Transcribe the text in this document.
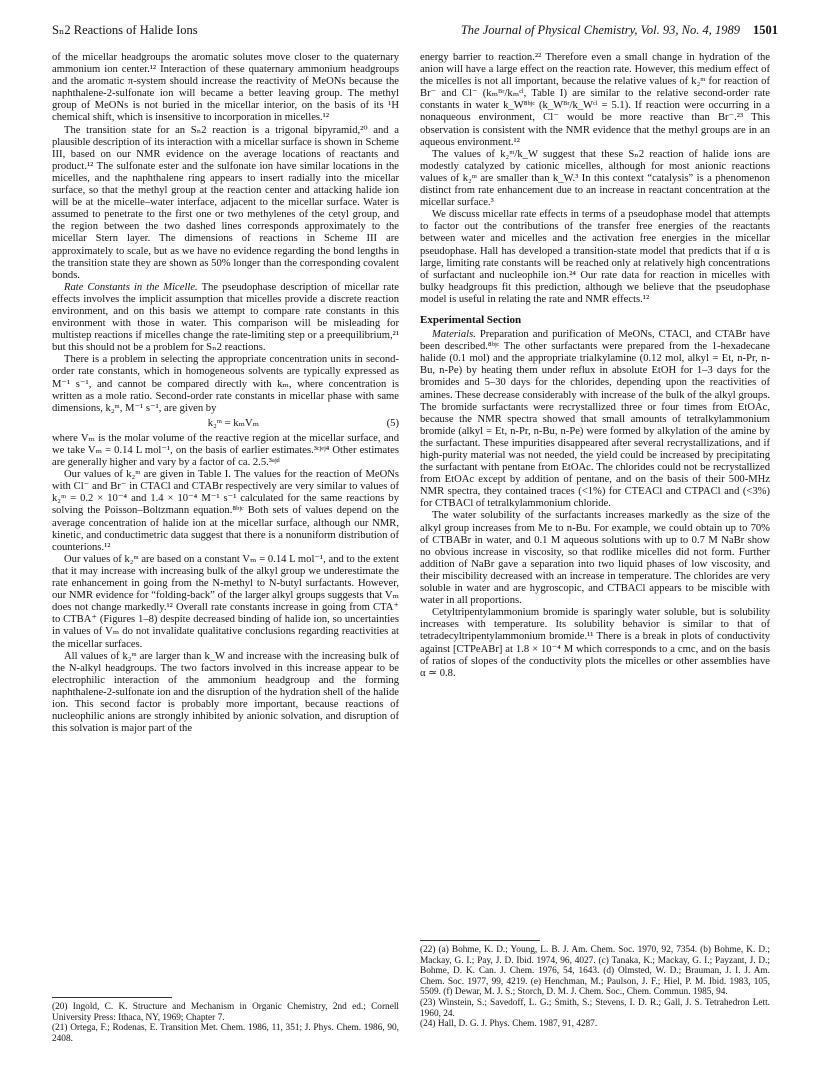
Sₙ2 Reactions of Halide Ions	The Journal of Physical Chemistry, Vol. 93, No. 4, 1989 1501

of the micellar headgroups the aromatic solutes move closer to the quaternary ammonium ion center.¹² Interaction of these quaternary ammonium headgroups and the aromatic π-system should increase the reactivity of MeONs because the naphthalene-2-sulfonate ion will became a better leaving group. The methyl group of MeONs is not buried in the micellar interior, on the basis of its ¹H chemical shift, which is insensitive to incorporation in micelles.¹²

The transition state for an Sₙ2 reaction is a trigonal bipyramid,²⁰ and a plausible description of its interaction with a micellar surface is shown in Scheme III, based on our NMR evidence on the average locations of reactants and product.¹² The sulfonate ester and the sulfonate ion have similar locations in the micelles, and the naphthalene ring appears to insert radially into the micellar surface, so that the methyl group at the reaction center and attacking halide ion will be at the micelle–water interface, adjacent to the micellar surface. Water is assumed to penetrate to the first one or two methylenes of the cetyl group, and the region between the two dashed lines corresponds approximately to the micellar Stern layer. The dimensions of reactions in Scheme III are approximately to scale, but as we have no evidence regarding the bond lengths in the transition state they are shown as 50% longer than the corresponding covalent bonds.

Rate Constants in the Micelle. The pseudophase description of micellar rate effects involves the implicit assumption that micelles provide a discrete reaction environment, and on this basis we attempt to compare rate constants in this environment with those in water. This comparison will be misleading for multistep reactions if micelles change the rate-limiting step or a preequilibrium,²¹ but this should not be a problem for Sₙ2 reactions.

There is a problem in selecting the appropriate concentration units in second-order rate constants, which in homogeneous solvents are typically expressed as M⁻¹ s⁻¹, and cannot be compared directly with kₘ, where concentration is written as a mole ratio. Second-order rate constants in micellar phase with same dimensions, k₂ᵐ, M⁻¹ s⁻¹, are given by

k₂ᵐ = kₘVₘ	(5)

where Vₘ is the molar volume of the reactive region at the micellar surface, and we take Vₘ = 0.14 L mol⁻¹, on the basis of earlier estimates.³ᶜʲᵉʲ⁴ Other estimates are generally higher and vary by a factor of ca. 2.5.³ᵃʲᵈ

Our values of k₂ᵐ are given in Table I. The values for the reaction of MeONs with Cl⁻ and Br⁻ in CTACl and CTABr respectively are very similar to values of k₂ᵐ = 0.2 × 10⁻⁴ and 1.4 × 10⁻⁴ M⁻¹ s⁻¹ calculated for the same reactions by solving the Poisson–Boltzmann equation.⁸ᵇʲᶜ Both sets of values depend on the average concentration of halide ion at the micellar surface, although our NMR, kinetic, and conductimetric data suggest that there is a nonuniform distribution of counterions.¹²

Our values of k₂ᵐ are based on a constant Vₘ = 0.14 L mol⁻¹, and to the extent that it may increase with increasing bulk of the alkyl group we underestimate the rate enhancement in going from the N-methyl to N-butyl surfactants. However, our NMR evidence for “folding-back” of the larger alkyl groups suggests that Vₘ does not change markedly.¹² Overall rate constants increase in going from CTA⁺ to CTBA⁺ (Figures 1–8) despite decreased binding of halide ion, so uncertainties in values of Vₘ do not invalidate qualitative conclusions regarding reactivities at the micellar surfaces.

All values of k₂ᵐ are larger than k_W and increase with the increasing bulk of the N-alkyl headgroups. The two factors involved in this increase appear to be electrophilic interaction of the ammonium headgroup and the forming naphthalene-2-sulfonate ion and the disruption of the hydration shell of the halide ion. This second factor is probably more important, because reactions of nucleophilic anions are strongly inhibited by anionic solvation, and disruption of this solvation is major part of the

energy barrier to reaction.²² Therefore even a small change in hydration of the anion will have a large effect on the reaction rate. However, this medium effect of the micelles is not all important, because the relative values of k₂ᵐ for reaction of Br⁻ and Cl⁻ (kₘᴮʳ/kₘᶜˡ, Table I) are similar to the relative second-order rate constants in water k_W⁸ᵇʲᶜ (k_Wᴮʳ/k_Wᶜˡ = 5.1). If reaction were occurring in a nonaqueous environment, Cl⁻ would be more reactive than Br⁻.²³ This observation is consistent with the NMR evidence that the methyl groups are in an aqueous environment.¹²

The values of k₂ᵐ/k_W suggest that these Sₙ2 reaction of halide ions are modestly catalyzed by cationic micelles, although for most anionic reactions values of k₂ᵐ are smaller than k_W.³ In this context “catalysis” is a phenomenon distinct from rate enhancement due to an increase in reactant concentration at the micellar surface.³

We discuss micellar rate effects in terms of a pseudophase model that attempts to factor out the contributions of the transfer free energies of the reactants between water and micelles and the activation free energies in the micellar pseudophase. Hall has developed a transition-state model that predicts that if α is large, limiting rate constants will be reached only at relatively high concentrations of surfactant and nucleophile ion.²⁴ Our rate data for reaction in micelles with bulky headgroups fit this prediction, although we believe that the pseudophase model is useful in relating the rate and NMR effects.¹²

Experimental Section

Materials. Preparation and purification of MeONs, CTACl, and CTABr have been described.⁸ᵇʲᶜ The other surfactants were prepared from the 1-hexadecane halide (0.1 mol) and the appropriate trialkylamine (0.12 mol, alkyl = Et, n-Pr, n-Bu, n-Pe) by heating them under reflux in absolute EtOH for 1–3 days for the bromides and 5–30 days for the chlorides, depending upon the reactivities of amines. These decrease considerably with increase of the bulk of the alkyl groups. The bromide surfactants were recrystallized three or four times from EtOAc, because the NMR spectra showed that small amounts of tetralkylammonium bromide (alkyl = Et, n-Pr, n-Bu, n-Pe) were formed by alkylation of the amine by the surfactant. These impurities disappeared after several recrystallizations, and if high-purity material was not needed, the yield could be increased by precipitating the surfactant with pentane from EtOAc. The chlorides could not be recrystallized from EtOAc except by addition of pentane, and on the basis of their 500-MHz NMR spectra, they contained traces (<1%) for CTEACl and CTPACl and (<3%) for CTBACl of tetralkylammonium chloride.

The water solubility of the surfactants increases markedly as the size of the alkyl group increases from Me to n-Bu. For example, we could obtain up to 70% of CTBABr in water, and 0.1 M aqueous solutions with up to 0.7 M NaBr show no obvious increase in viscosity, so that rodlike micelles did not form. Further addition of NaBr gave a separation into two liquid phases of low viscosity, and their miscibility decreased with an increase in temperature. The chlorides are very soluble in water and are hygroscopic, and CTBACl appears to be miscible with water in all proportions.

Cetyltripentylammonium bromide is sparingly water soluble, but is solubility increases with temperature. Its solubility behavior is similar to that of tetradecyltripentylammonium bromide.¹¹ There is a break in plots of conductivity against [CTPeABr] at 1.8 × 10⁻⁴ M which corresponds to a cmc, and on the basis of ratios of slopes of the conductivity plots the micelles or other assemblies have α ≃ 0.8.

(20) Ingold, C. K. Structure and Mechanism in Organic Chemistry, 2nd ed.; Cornell University Press: Ithaca, NY, 1969; Chapter 7.

(21) Ortega, F.; Rodenas, E. Transition Met. Chem. 1986, 11, 351; J. Phys. Chem. 1986, 90, 2408.

(22) (a) Bohme, K. D.; Young, L. B. J. Am. Chem. Soc. 1970, 92, 7354. (b) Bohme, K. D.; Mackay, G. I.; Pay, J. D. Ibid. 1974, 96, 4027. (c) Tanaka, K.; Mackay, G. I.; Payzant, J. D.; Bohme, D. K. Can. J. Chem. 1976, 54, 1643. (d) Olmsted, W. D.; Brauman, J. I. J. Am. Chem. Soc. 1977, 99, 4219. (e) Henchman, M.; Paulson, J. F.; Hiel, P. M. Ibid. 1983, 105, 5509. (f) Dewar, M. J. S.; Storch, D. M. J. Chem. Soc., Chem. Commun. 1985, 94.

(23) Winstein, S.; Savedoff, L. G.; Smith, S.; Stevens, I. D. R.; Gall, J. S. Tetrahedron Lett. 1960, 24.

(24) Hall, D. G. J. Phys. Chem. 1987, 91, 4287.
